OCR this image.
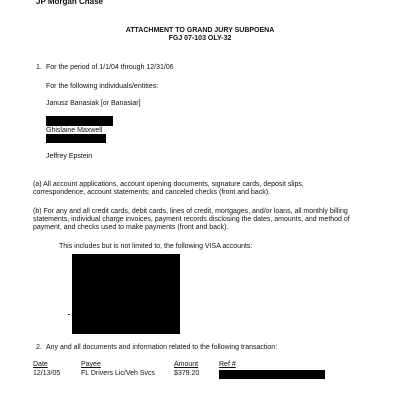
JP Morgan Chase
ATTACHMENT TO GRAND JURY SUBPOENA
FGJ 07-103 OLY-32
1. For the period of 1/1/04 through 12/31/06
For the following individuals/entities:
Janusz Banasiak [or Banasiar]
Ghislaine Maxwell
Jeffrey Epstein
(a) All account applications, account opening documents, signature cards, deposit slips, correspondence, account statements; and canceled checks (front and back).
(b) For any and all credit cards, debit cards, lines of credit, mortgages, and/or loans, all monthly billing statements, individual charge invoices, payment records disclosing the dates, amounts, and method of payment, and checks used to make payments (front and back).
This includes but is not limited to, the following VISA accounts:
2. Any and all documents and information related to the following transaction:
Date	Payee	Amount	Ref #
12/13/05	FL Drivers Lic/Veh Svcs	$379.20
